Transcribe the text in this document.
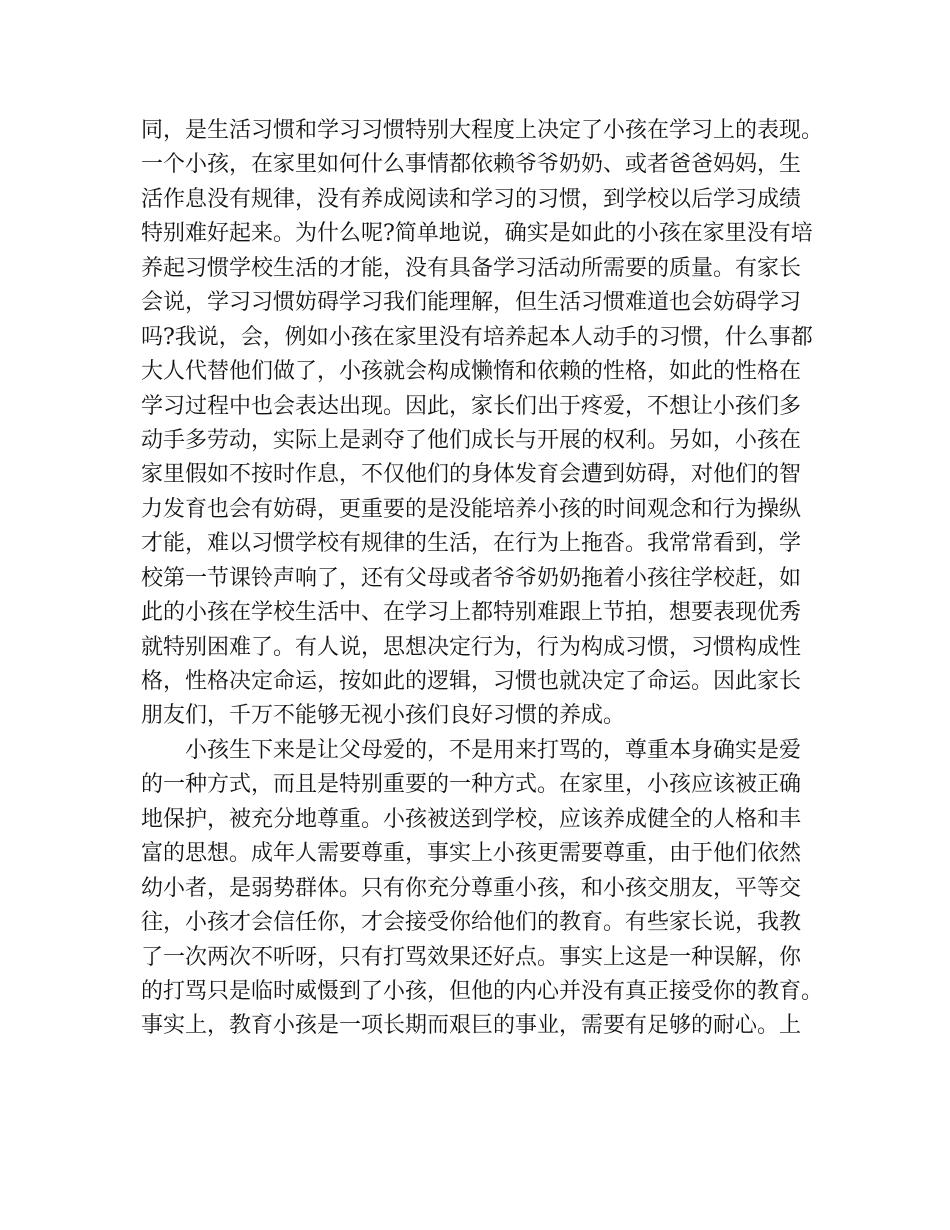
同，是生活习惯和学习习惯特别大程度上决定了小孩在学习上的表现。
一个小孩，在家里如何什么事情都依赖爷爷奶奶、或者爸爸妈妈，生
活作息没有规律，没有养成阅读和学习的习惯，到学校以后学习成绩
特别难好起来。为什么呢?简单地说，确实是如此的小孩在家里没有培
养起习惯学校生活的才能，没有具备学习活动所需要的质量。有家长
会说，学习习惯妨碍学习我们能理解，但生活习惯难道也会妨碍学习
吗?我说，会，例如小孩在家里没有培养起本人动手的习惯，什么事都
大人代替他们做了，小孩就会构成懒惰和依赖的性格，如此的性格在
学习过程中也会表达出现。因此，家长们出于疼爱，不想让小孩们多
动手多劳动，实际上是剥夺了他们成长与开展的权利。另如，小孩在
家里假如不按时作息，不仅他们的身体发育会遭到妨碍，对他们的智
力发育也会有妨碍，更重要的是没能培养小孩的时间观念和行为操纵
才能，难以习惯学校有规律的生活，在行为上拖沓。我常常看到，学
校第一节课铃声响了，还有父母或者爷爷奶奶拖着小孩往学校赶，如
此的小孩在学校生活中、在学习上都特别难跟上节拍，想要表现优秀
就特别困难了。有人说，思想决定行为，行为构成习惯，习惯构成性
格，性格决定命运，按如此的逻辑，习惯也就决定了命运。因此家长
朋友们，千万不能够无视小孩们良好习惯的养成。
小孩生下来是让父母爱的，不是用来打骂的，尊重本身确实是爱
的一种方式，而且是特别重要的一种方式。在家里，小孩应该被正确
地保护，被充分地尊重。小孩被送到学校，应该养成健全的人格和丰
富的思想。成年人需要尊重，事实上小孩更需要尊重，由于他们依然
幼小者，是弱势群体。只有你充分尊重小孩，和小孩交朋友，平等交
往，小孩才会信任你，才会接受你给他们的教育。有些家长说，我教
了一次两次不听呀，只有打骂效果还好点。事实上这是一种误解，你
的打骂只是临时威慑到了小孩，但他的内心并没有真正接受你的教育。
事实上，教育小孩是一项长期而艰巨的事业，需要有足够的耐心。上
